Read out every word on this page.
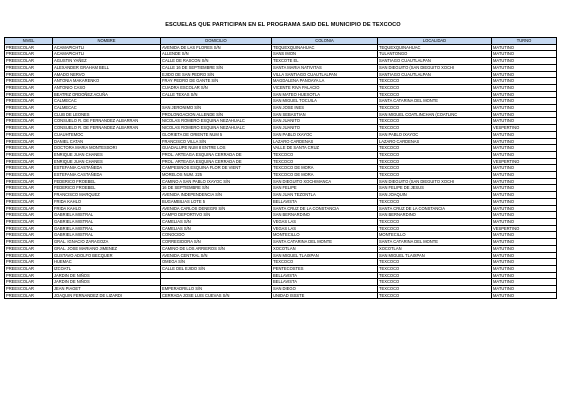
ESCUELAS QUE PARTICIPAN EN EL PROGRAMA SAID DEL MUNICIPIO DE TEXCOCO
NIVEL	NOMBRE	DOMICILIO	COLONIA	LOCALIDAD	TURNO
PREESCOLAR	ACAMAPICHTLI	AVENIDA DE LAS FLORES S/N	TEQUEXQUINAHUAC	TEQUEXQUINAHUAC	MATUTINO
PREESCOLAR	ACAMAPICHTLI	ALLENDE S/N	SANS IMON	TULANTONGO	MATUTINO
PREESCOLAR	AGUSTIN YAÑEZ	CALLE DE RASCON S/N	TEXCOTE EL	SANTIAGO CUAUTLALPAN	MATUTINO
PREESCOLAR	ALEXANDER GRAHAM BELL	CALLE 16 DE SEPTIEMBRE S/N	SANTA MARIA NATIVITAS	SAN DIEGUITO (SAN DIEGUITO XOCHI	MATUTINO
PREESCOLAR	AMADO NERVO	EJIDO DE SAN PEDRO S/N	VILLA SANTIAGO CUAUTLALPAN	SANTIAGO CUAUTLALPAN	MATUTINO
PREESCOLAR	ANTONIA MAKARENKO	FRAY PEDRO DE GANTE S/N	MAGDALENA PANOAYA LA	TEXCOCO	MATUTINO
PREESCOLAR	ANTONIO CASO	CUADRA ESCOLAR S/N	VICENTE RIVA PALACIO	TEXCOCO	MATUTINO
PREESCOLAR	BEATRIZ ORDOÑEZ ACUÑA	CALLE TEXAS S/N	SAN MATEO HUEXOTLA	TEXCOCO	MATUTINO
PREESCOLAR	CALMECAC		SAN MIGUEL TOCUILA	SANTA CATARINA DEL MONTE	MATUTINO
PREESCOLAR	CALMECAC	SAN JERONIMO S/N	SAN JOSE INES	TEXCOCO	MATUTINO
PREESCOLAR	CLUB DE LEONES	PROLONGACION ALLENDE S/N	SAN SEBASTIAN	SAN MIGUEL COATLINCHAN (COATLINC	MATUTINO
PREESCOLAR	CONSUELO R. DE FERNANDEZ ALBARRAN	NICOLAS ROMERO ESQUINA NEZAHUALC	SAN JUANITO	TEXCOCO	MATUTINO
PREESCOLAR	CONSUELO R. DE FERNANDEZ ALBARRAN	NICOLAS ROMERO ESQUINA NEZAHUALC	SAN JUANITO	TEXCOCO	VESPERTINO
PREESCOLAR	CUAUHTEMOC	GLORIETA DE ORIENTE NUM 5	SAN PABLO IXAYOC	SAN PABLO IXAYOC	MATUTINO
PREESCOLAR	DANIEL CATAN	FRANCISCO VILLA S/N	LAZARO CARDENAS	LAZARO CARDENAS	MATUTINO
PREESCOLAR	DOCTORA MARIA MONTESSORI	GUADALUPE NUM 8 ENTRE LOS	VALLE DE SANTA CRUZ	TEXCOCO	MATUTINO
PREESCOLAR	ENRIQUE JUAN CHANES	PROL. ARTEAGA ESQUINA CERRADA DE	TEXCOCO	TEXCOCO	MATUTINO
PREESCOLAR	ENRIQUE JUAN CHANES	PROL. ARTEAGA ESQUINA CERRADA DE	TEXCOCO	TEXCOCO	VESPERTINO
PREESCOLAR	ESTEFANIA CASTAÑEDA	CAMPESINOS ESQUINA FLOR DE VIENT	TEXCOCO DE MORA	TEXCOCO	MATUTINO
PREESCOLAR	ESTEFANIA CASTAÑEDA	MORELOS NUM. 225	TEXCOCO DE MORA	TEXCOCO	MATUTINO
PREESCOLAR	FEDERICO FROEBEL	CAMINO A SAN PABLO IXAYOC S/N	SAN DIEGUITO XOCHIMANCA	SAN DIEGUITO (SAN DIEGUITO XOCHI	MATUTINO
PREESCOLAR	FEDERICO FROEBEL	16 DE SEPTIEMBRE S/N	SAN FELIPE	SAN FELIPE DE JESUS	MATUTINO
PREESCOLAR	FRANCISCO MARQUEZ	AVENIDA INDEPENDENCIA S/N	SAN JUAN TEZONTLA	SAN JOAQUIN	MATUTINO
PREESCOLAR	FRIDA KAHLO	BUGAMBILIAS LOTE 5	BELLAVISTA	TEXCOCO	MATUTINO
PREESCOLAR	FRIDA KAHLO	AVENIDA CARLOS DENEGRI S/N	SANTA CRUZ DE LA CONSTANCIA	SANTA CRUZ DE LA CONSTANCIA	MATUTINO
PREESCOLAR	GABRIELA MISTRAL	CAMPO DEPORTIVO S/N	SAN BERNARDINO	SAN BERNARDINO	MATUTINO
PREESCOLAR	GABRIELA MISTRAL	CAMELIAS S/N	VEGAS LAS	TEXCOCO	MATUTINO
PREESCOLAR	GABRIELA MISTRAL	CAMELIAS S/N	VEGAS LAS	TEXCOCO	VESPERTINO
PREESCOLAR	GABRIELA MISTRAL	CONOCIDO	MONTECILLO	MONTECILLO	MATUTINO
PREESCOLAR	GRAL. IGNACIO ZARAGOZA	CORREGIDORA S/N	SANTA CATARINA DEL MONTE	SANTA CATARINA DEL MONTE	MATUTINO
PREESCOLAR	GRAL. JOSE MARIANO JIMENEZ	CAMINO DE LOS ARRIEROS S/N	XOCOTLAN	XOCOTLAN	MATUTINO
PREESCOLAR	GUSTAVO ADOLFO BECQUER	AVENIDA CENTRAL S/N	SAN MIGUEL TLAIXPAN	SAN MIGUEL TLAIXPAN	MATUTINO
PREESCOLAR	HUEMAC	OMEGA S/N	TEXCOCO	TEXCOCO	MATUTINO
PREESCOLAR	IZCOATL	CALLE DEL EJIDO S/N	PENTECOSTES	TEXCOCO	MATUTINO
PREESCOLAR	JARDIN DE NIÑOS		BELLAVISTA	TEXCOCO	MATUTINO
PREESCOLAR	JARDIN DE NIÑOS		BELLAVISTA	TEXCOCO	MATUTINO
PREESCOLAR	JEAN PIAGET	EMPERADRILLO S/N	SAN DIEGO	TEXCOCO	MATUTINO
PREESCOLAR	JOAQUIN FERNANDEZ DE LIZARDI	CERRADA JOSE LUIS CUEVAS S/N	UNIDAD ISSSTE	TEXCOCO	MATUTINO
